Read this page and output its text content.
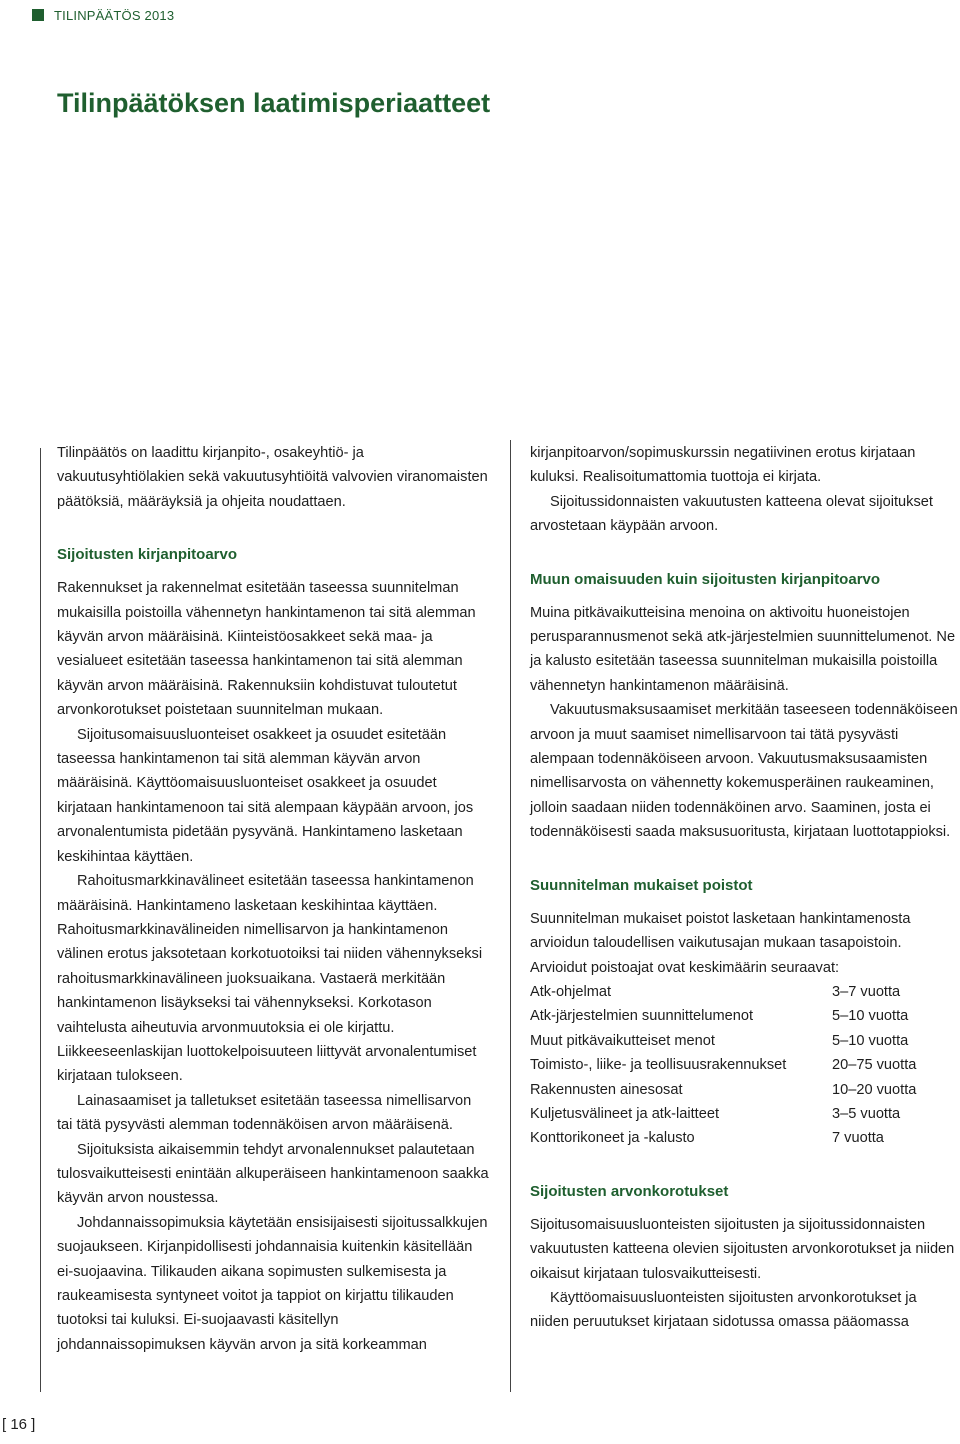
TILINPÄÄTÖS 2013
Tilinpäätöksen laatimisperiaatteet

Tilinpäätös on laadittu kirjanpito-, osakeyhtiö- ja vakuutusyhtiölakien sekä vakuutusyhtiöitä valvovien viranomaisten päätöksiä, määräyksiä ja ohjeita noudattaen.

Sijoitusten kirjanpitoarvo

Rakennukset ja rakennelmat esitetään taseessa suunnitelman mukaisilla poistoilla vähennetyn hankintamenon tai sitä alemman käyvän arvon määräisinä. Kiinteistöosakkeet sekä maa- ja vesialueet esitetään taseessa hankintamenon tai sitä alemman käyvän arvon määräisinä. Rakennuksiin kohdistuvat tuloutetut arvonkorotukset poistetaan suunnitelman mukaan.

Sijoitusomaisuusluonteiset osakkeet ja osuudet esitetään taseessa hankintamenon tai sitä alemman käyvän arvon määräisinä. Käyttöomaisuusluonteiset osakkeet ja osuudet kirjataan hankintamenoon tai sitä alempaan käypään arvoon, jos arvonalentumista pidetään pysyvänä. Hankintameno lasketaan keskihintaa käyttäen.

Rahoitusmarkkinavälineet esitetään taseessa hankintamenon määräisinä. Hankintameno lasketaan keskihintaa käyttäen. Rahoitusmarkkinavälineiden nimellisarvon ja hankintamenon välinen erotus jaksotetaan korkotuotoiksi tai niiden vähennykseksi rahoitusmarkkinavälineen juoksuaikana. Vastaerä merkitään hankintamenon lisäykseksi tai vähennykseksi. Korkotason vaihtelusta aiheutuvia arvonmuutoksia ei ole kirjattu. Liikkeeseenlaskijan luottokelpoisuuteen liittyvät arvonalentumiset kirjataan tulokseen.

Lainasaamiset ja talletukset esitetään taseessa nimellisarvon tai tätä pysyvästi alemman todennäköisen arvon määräisenä.

Sijoituksista aikaisemmin tehdyt arvonalennukset palautetaan tulosvaikutteisesti enintään alkuperäiseen hankintamenoon saakka käyvän arvon noustessa.

Johdannaissopimuksia käytetään ensisijaisesti sijoitussalkkujen suojaukseen. Kirjanpidollisesti johdannaisia kuitenkin käsitellään ei-suojaavina. Tilikauden aikana sopimusten sulkemisesta ja raukeamisesta syntyneet voitot ja tappiot on kirjattu tilikauden tuotoksi tai kuluksi. Ei-suojaavasti käsitellyn johdannaissopimuksen käyvän arvon ja sitä korkeamman

kirjanpitoarvon/sopimuskurssin negatiivinen erotus kirjataan kuluksi. Realisoitumattomia tuottoja ei kirjata.

Sijoitussidonnaisten vakuutusten katteena olevat sijoitukset arvostetaan käypään arvoon.

Muun omaisuuden kuin sijoitusten kirjanpitoarvo

Muina pitkävaikutteisina menoina on aktivoitu huoneistojen perusparannusmenot sekä atk-järjestelmien suunnittelumenot. Ne ja kalusto esitetään taseessa suunnitelman mukaisilla poistoilla vähennetyn hankintamenon määräisinä.

Vakuutusmaksusaamiset merkitään taseeseen todennäköiseen arvoon ja muut saamiset nimellisarvoon tai tätä pysyvästi alempaan todennäköiseen arvoon. Vakuutusmaksusaamisten nimellisarvosta on vähennetty kokemusperäinen raukeaminen, jolloin saadaan niiden todennäköinen arvo. Saaminen, josta ei todennäköisesti saada maksusuoritusta, kirjataan luottotappioksi.

Suunnitelman mukaiset poistot

Suunnitelman mukaiset poistot lasketaan hankintamenosta arvioidun taloudellisen vaikutusajan mukaan tasapoistoin.

Arvioidut poistoajat ovat keskimäärin seuraavat:

Atk-ohjelmat	3–7 vuotta
Atk-järjestelmien suunnittelumenot	5–10 vuotta
Muut pitkävaikutteiset menot	5–10 vuotta
Toimisto-, liike- ja teollisuusrakennukset	20–75 vuotta
Rakennusten ainesosat	10–20 vuotta
Kuljetusvälineet ja atk-laitteet	3–5 vuotta
Konttorikoneet ja -kalusto	7 vuotta
Sijoitusten arvonkorotukset

Sijoitusomaisuusluonteisten sijoitusten ja sijoitussidonnaisten vakuutusten katteena olevien sijoitusten arvonkorotukset ja niiden oikaisut kirjataan tulosvaikutteisesti.

Käyttöomaisuusluonteisten sijoitusten arvonkorotukset ja niiden peruutukset kirjataan sidotussa omassa pääomassa

[ 16 ]
